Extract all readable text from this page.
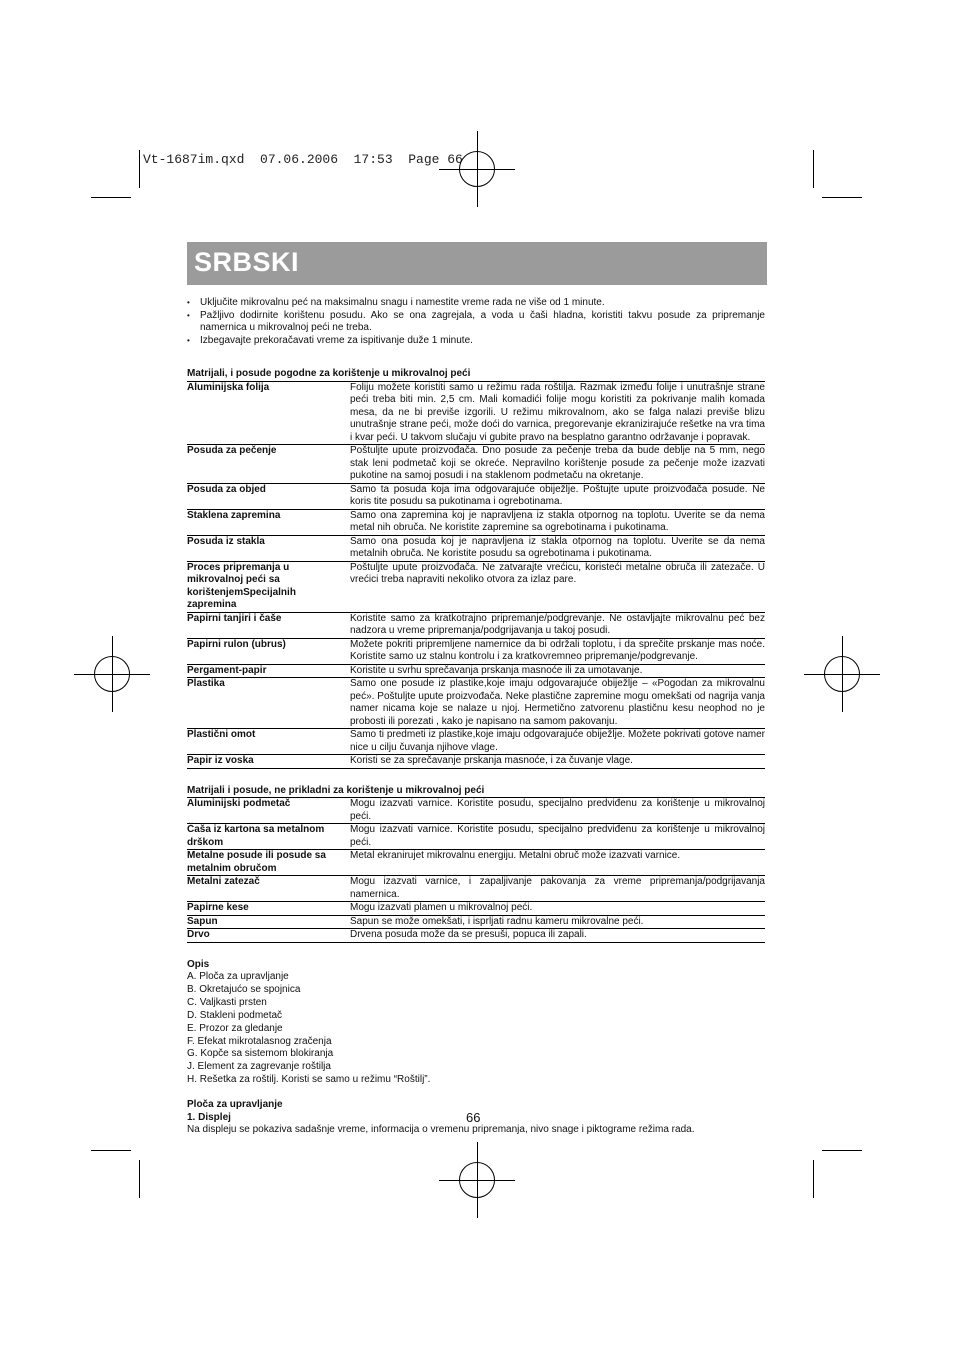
Vt-1687im.qxd  07.06.2006  17:53  Page 66
SRBSKI
• Uključite mikrovalnu peć na maksimalnu snagu i namestite vreme rada ne više od 1 minute.
• Pažljivo dodirnite korištenu posudu. Ako se ona zagrejala, a voda u čaši hladna, koristiti takvu posude za pripremanje namernica u mikrovalnoj peći ne treba.
• Izbegavajte prekoračavati vreme za ispitivanje duže 1 minute.
Matrijali, i posude pogodne za korištenje u mikrovalnoj peći
Aluminijska folija	Foliju možete koristiti samo u režimu rada roštilja. Razmak između folije i unutrašnje strane peći treba biti min. 2,5 cm. Mali komadići folije mogu koristiti za pokrivanje malih komada mesa, da ne bi previše izgorili. U režimu mikrovalnom, ako se falga nalazi previše blizu unutrašnje strane peći, može doći do varnica, pregorevanje ekranizirajuće rešetke na vra tima i kvar peći. U takvom slučaju vi gubite pravo na besplatno garantno održavanje i popravak.
Posuda za pečenje	Poštuljte upute proizvođača. Dno posude za pečenje treba da bude deblje na 5 mm, nego stak leni podmetač koji se okreće. Nepravilno korištenje posude za pečenje može izazvati pukotine na samoj posudi i na staklenom podmetaču na okretanje.
Posuda za objed	Samo ta posuda koja ima odgovarajuće obiježlje. Poštujte upute proizvođača posude. Ne koris tite posudu sa pukotinama i ogrebotinama.
Staklena zapremina	Samo ona zapremina koj je napravljena iz stakla otpornog na toplotu. Uverite se da nema metal nih obruča. Ne koristite zapremine sa ogrebotinama i pukotinama.
Posuda iz stakla	Samo ona posuda koj je napravljena iz stakla otpornog na toplotu. Uverite se da nema metalnih obruča. Ne koristite posudu sa ogrebotinama i pukotinama.
Proces pripremanja u mikrovalnoj peći sa korištenjemSpecijalnih zapremina	Poštuljte upute proizvođača. Ne zatvarajte vrećicu, koristeći metalne obruča ili zatezače. U vrećici treba napraviti nekoliko otvora za izlaz pare.
Papirni tanjiri i čaše	Koristite samo za kratkotrajno pripremanje/podgrevanje. Ne ostavljajte mikrovalnu peć bez nadzora u vreme pripremanja/podgrijavanja u takoj posudi.
Papirni rulon (ubrus)	Možete pokriti pripremljene namernice da bi održali toplotu, i da sprečite prskanje mas noće. Koristite samo uz stalnu kontrolu i za kratkovremneo pripremanje/podgrevanje.
Pergament-papir	Koristite u svrhu sprečavanja prskanja masnoće ili za umotavanje.
Plastika	Samo one posude iz plastike,koje imaju odgovarajuće obiježlje – «Pogodan za mikrovalnu peć». Poštuljte upute proizvođača. Neke plastične zapremine mogu omekšati od nagrija vanja namer nicama koje se nalaze u njoj. Hermetično zatvorenu plastičnu kesu neophod no je probosti ili porezati , kako je napisano na samom pakovanju.
Plastični omot	Samo ti predmeti iz plastike,koje imaju odgovarajuće obiježlje. Možete pokrivati gotove namer nice u cilju čuvanja njihove vlage.
Papir iz voska	Koristi se za sprečavanje prskanja masnoće, i za čuvanje vlage.
Matrijali i posude, ne prikladni za korištenje u mikrovalnoj peći
Aluminijski podmetač	Mogu izazvati varnice. Koristite posudu, specijalno predviđenu za korištenje u mikrovalnoj peći.
Čaša iz kartona sa metalnom drškom	Mogu izazvati varnice. Koristite posudu, specijalno predviđenu za korištenje u mikrovalnoj peći.
Metalne posude ili posude sa metalnim obručom	Metal ekranirujet mikrovalnu energiju. Metalni obruč može izazvati varnice.
Metalni zatezač	Mogu izazvati varnice, i zapaljivanje pakovanja za vreme pripremanja/podgrijavanja namernica.
Papirne kese	Mogu izazvati plamen u mikrovalnoj peći.
Sapun	Sapun se može omekšati, i isprljati radnu kameru mikrovalne peći.
Drvo	Drvena posuda može da se presuši, popuca ili zapali.
Opis
A. Ploča za upravljanje
B. Okretajućo se spojnica
C. Valjkasti prsten
D. Stakleni podmetač
E. Prozor za gledanje
F. Efekat mikrotalasnog zračenja
G. Kopče sa sistemom blokiranja
J. Element za zagrevanje roštilja
H. Rešetka za roštilj. Koristi se samo u režimu “Roštilj”.
Ploča za upravljanje
1. Displej
Na displeju se pokaziva sadašnje vreme, informacija o vremenu pripremanja, nivo snage i piktograme režima rada.
66
